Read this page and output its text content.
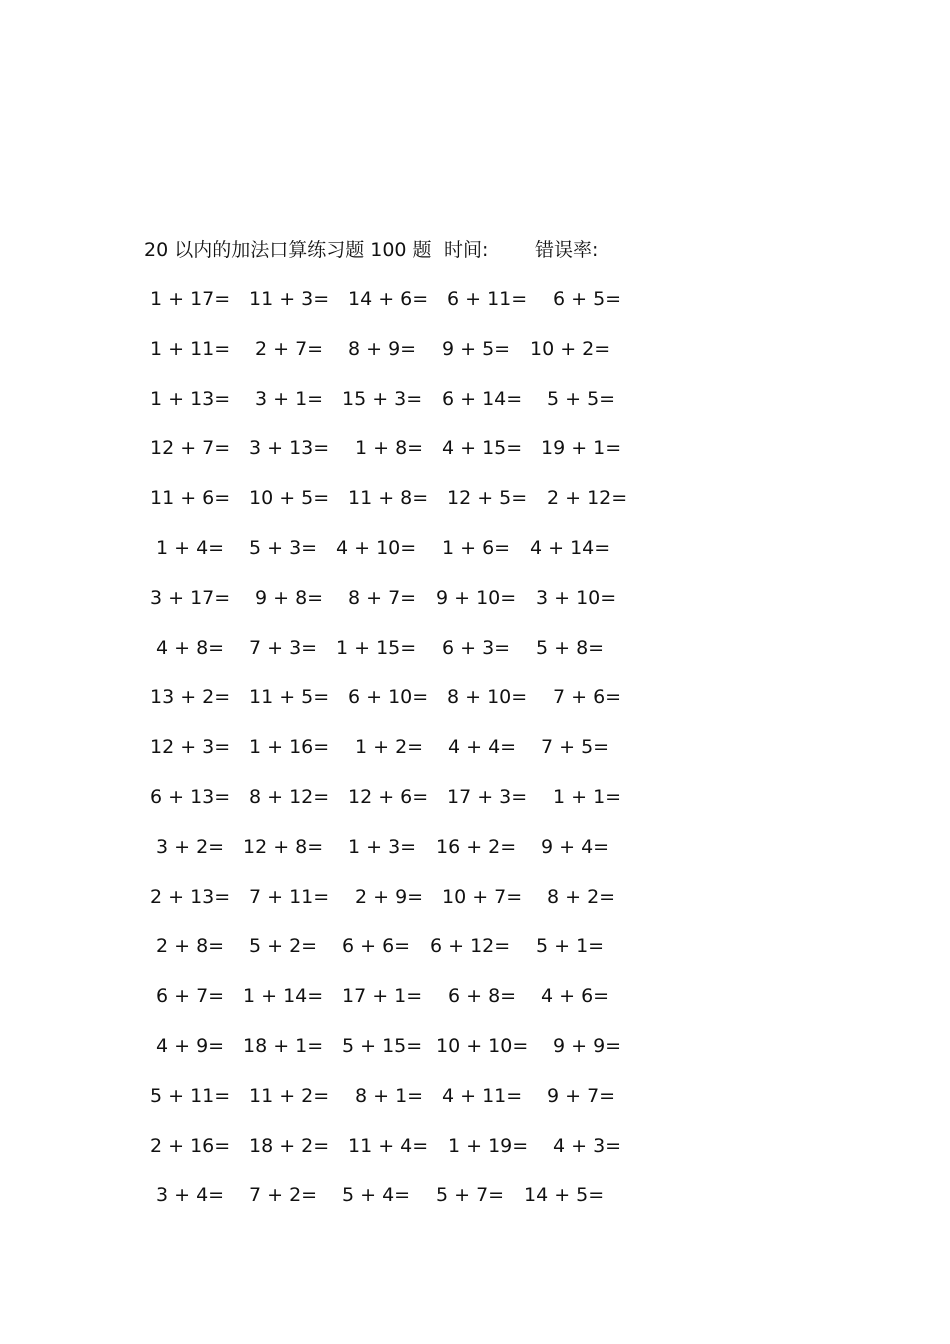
20 以内的加法口算练习题 100 题 时间: 错误率:
1 + 17= 11 + 3= 14 + 6= 6 + 11= 6 + 5=
1 + 11= 2 + 7= 8 + 9= 9 + 5= 10 + 2=
1 + 13= 3 + 1= 15 + 3= 6 + 14= 5 + 5=
12 + 7= 3 + 13= 1 + 8= 4 + 15= 19 + 1=
11 + 6= 10 + 5= 11 + 8= 12 + 5= 2 + 12=
1 + 4= 5 + 3= 4 + 10= 1 + 6= 4 + 14=
3 + 17= 9 + 8= 8 + 7= 9 + 10= 3 + 10=
4 + 8= 7 + 3= 1 + 15= 6 + 3= 5 + 8=
13 + 2= 11 + 5= 6 + 10= 8 + 10= 7 + 6=
12 + 3= 1 + 16= 1 + 2= 4 + 4= 7 + 5=
6 + 13= 8 + 12= 12 + 6= 17 + 3= 1 + 1=
3 + 2= 12 + 8= 1 + 3= 16 + 2= 9 + 4=
2 + 13= 7 + 11= 2 + 9= 10 + 7= 8 + 2=
2 + 8= 5 + 2= 6 + 6= 6 + 12= 5 + 1=
6 + 7= 1 + 14= 17 + 1= 6 + 8= 4 + 6=
4 + 9= 18 + 1= 5 + 15= 10 + 10= 9 + 9=
5 + 11= 11 + 2= 8 + 1= 4 + 11= 9 + 7=
2 + 16= 18 + 2= 11 + 4= 1 + 19= 4 + 3=
3 + 4= 7 + 2= 5 + 4= 5 + 7= 14 + 5=
